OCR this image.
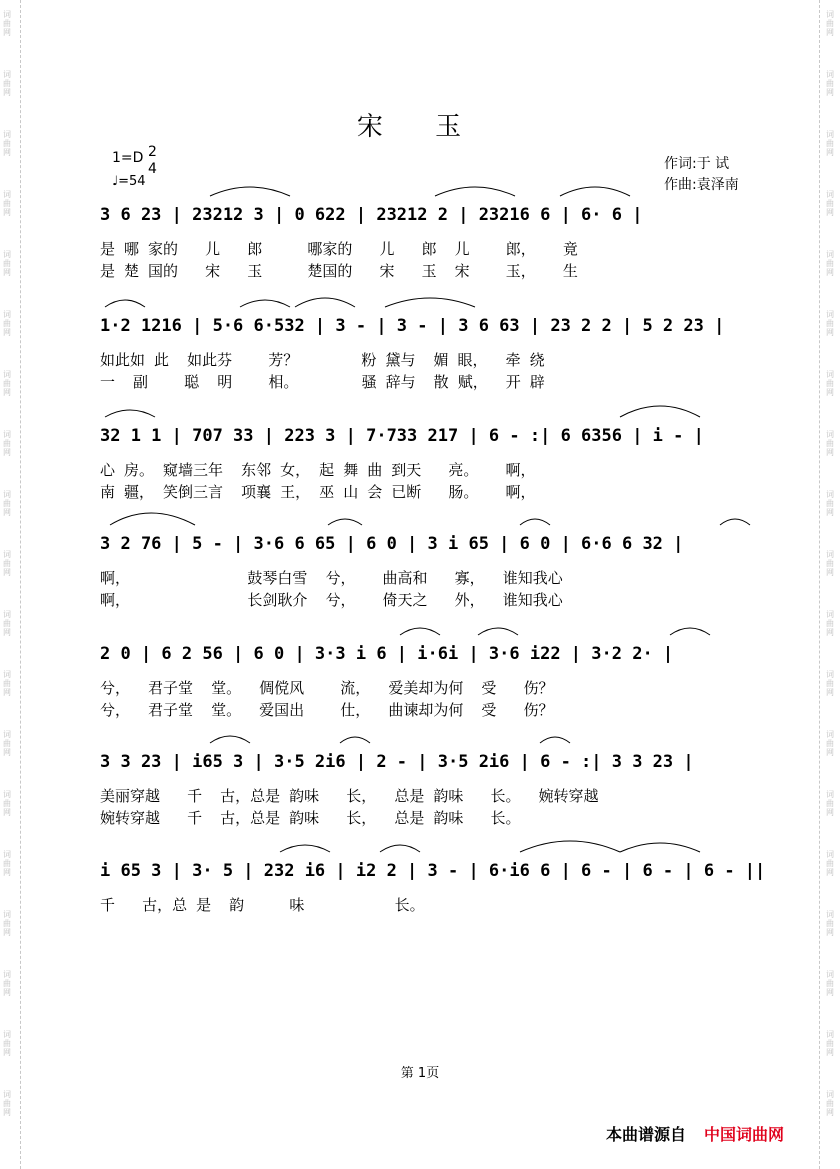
宋 玉
1=D 2
4
♩=54
作词:于 试
作曲:袁泽南
3 6 23 | 23212 3 | 0 622 | 23212 2 | 23216 6 | 6· 6 |
是 哪 家的   儿   郎     哪家的   儿   郎  儿    郎，   竟
是 楚 国的   宋   玉     楚国的   宋   玉  宋    玉，   生
1·2 1216 | 5·6 6·532 | 3 - | 3 - | 3 6 63 | 23 2 2 | 5 2 23 |
如此如 此  如此芬    芳？       粉 黛与  媚 眼，  牵 绕
一  副    聪  明    相。       骚 辞与  散 赋，  开 辟
32 1 1 | 707 33 | 223 3 | 7·733 217 | 6 - :| 6 6356 | i - |
心 房。 窥墙三年  东邻 女， 起 舞 曲 到天   亮。   啊，
南 疆， 笑倒三言  项襄 王， 巫 山 会 已断   肠。   啊，
3 2 76 | 5 - | 3·6 6 65 | 6 0 | 3 i 65 | 6 0 | 6·6 6 32 |
啊，             鼓琴白雪  兮，   曲高和   寡，  谁知我心
啊，             长剑耿介  兮，   倚天之   外，  谁知我心
2 0 | 6 2 56 | 6 0 | 3·3 i 6 | i·6i | 3·6 i22 | 3·2 2· |
兮，  君子堂  堂。  倜傥风    流，  爱美却为何  受   伤？
兮，  君子堂  堂。  爱国出    仕，  曲谏却为何  受   伤？
3 3 23 | i65 3 | 3·5 2i6 | 2 - | 3·5 2i6 | 6 - :| 3 3 23 |
美丽穿越   千  古，总是 韵味   长，  总是 韵味   长。  婉转穿越
婉转穿越   千  古，总是 韵味   长，  总是 韵味   长。
i 65 3 | 3· 5 | 232 i6 | i2 2 | 3 - | 6·i6 6 | 6 - | 6 - | 6 - ||
千   古，总 是  韵     味          长。
第 1页
本曲谱源自 中国词曲网
词
曲
网
词
曲
网
词
曲
网
词
曲
网
词
曲
网
词
曲
网
词
曲
网
词
曲
网
词
曲
网
词
曲
网
词
曲
网
词
曲
网
词
曲
网
词
曲
网
词
曲
网
词
曲
网
词
曲
网
词
曲
网
词
曲
网
词
曲
网
词
曲
网
词
曲
网
词
曲
网
词
曲
网
词
曲
网
词
曲
网
词
曲
网
词
曲
网
词
曲
网
词
曲
网
词
曲
网
词
曲
网
词
曲
网
词
曲
网
词
曲
网
词
曲
网
词
曲
网
词
曲
网
